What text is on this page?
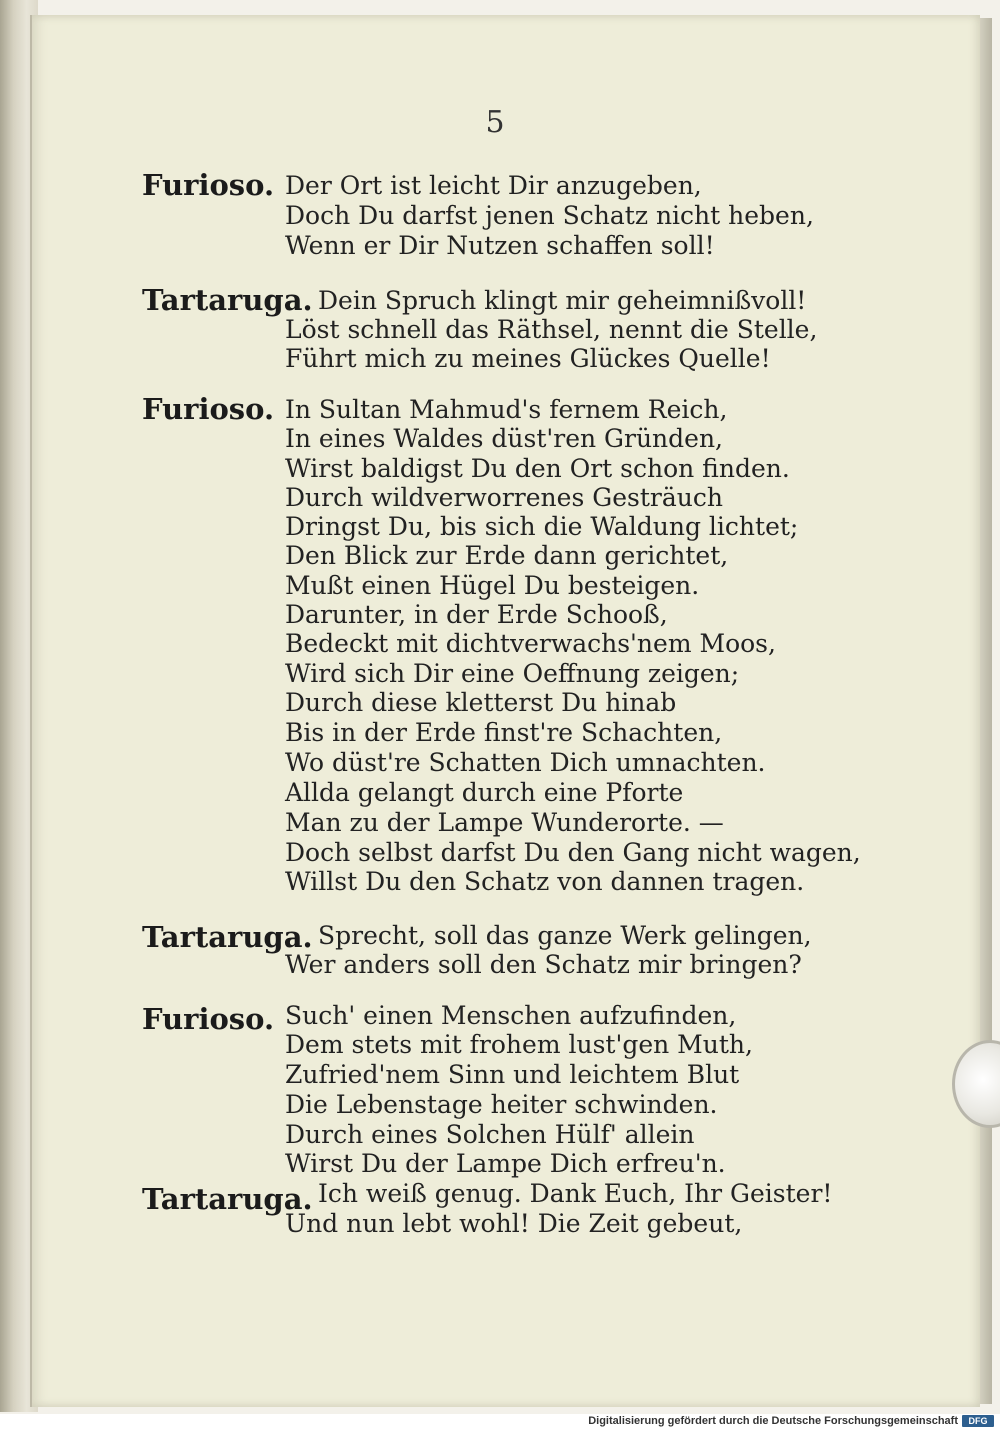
5
Furioso. Der Ort ist leicht Dir anzugeben,
Doch Du darfst jenen Schatz nicht heben,
Wenn er Dir Nutzen schaffen soll!
Tartaruga. Dein Spruch klingt mir geheimnißvoll!
Löst schnell das Räthsel, nennt die Stelle,
Führt mich zu meines Glückes Quelle!
Furioso. In Sultan Mahmud's fernem Reich,
In eines Waldes düst'ren Gründen,
Wirst baldigst Du den Ort schon finden.
Durch wildverworrenes Gesträuch
Dringst Du, bis sich die Waldung lichtet;
Den Blick zur Erde dann gerichtet,
Mußt einen Hügel Du besteigen.
Darunter, in der Erde Schooß,
Bedeckt mit dichtverwachs'nem Moos,
Wird sich Dir eine Oeffnung zeigen;
Durch diese kletterst Du hinab
Bis in der Erde finst're Schachten,
Wo düst're Schatten Dich umnachten.
Allda gelangt durch eine Pforte
Man zu der Lampe Wunderorte. —
Doch selbst darfst Du den Gang nicht wagen,
Willst Du den Schatz von dannen tragen.
Tartaruga. Sprecht, soll das ganze Werk gelingen,
Wer anders soll den Schatz mir bringen?
Furioso. Such' einen Menschen aufzufinden,
Dem stets mit frohem lust'gen Muth,
Zufried'nem Sinn und leichtem Blut
Die Lebenstage heiter schwinden.
Durch eines Solchen Hülf' allein
Wirst Du der Lampe Dich erfreu'n.
Tartaruga. Ich weiß genug. Dank Euch, Ihr Geister!
Und nun lebt wohl! Die Zeit gebeut,
Digitalisierung gefördert durch die Deutsche Forschungsgemeinschaft	DFG
